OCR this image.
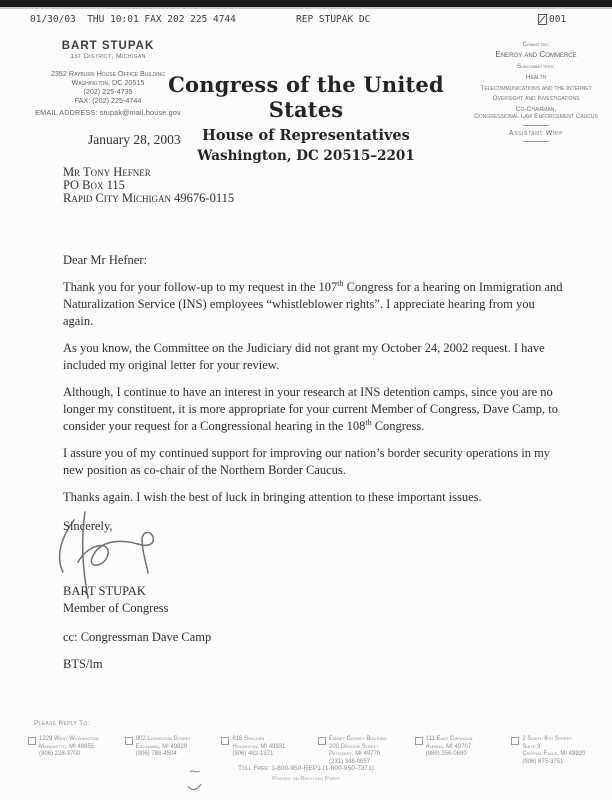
01/30/03  THU 10:01 FAX 202 225 4744	REP STUPAK DC	001
BART STUPAK
1st District, Michigan
2352 Rayburn House Office Building
Washington, DC 20515
(202) 225-4735
FAX: (202) 225-4744
EMAIL ADDRESS: stupak@mail.house.gov
Congress of the United States
House of Representatives
Washington, DC 20515–2201
Committee:
Energy and Commerce
Subcommittees:
Health
Telecommunications and the Internet
Oversight and Investigations
Co-Chairman,
Congressional Law Enforcement Caucus
Assistant Whip
January 28, 2003
Mr Tony Hefner
PO Box 115
Rapid City Michigan 49676-0115

Dear Mr Hefner:

Thank you for your follow-up to my request in the 107th Congress for a hearing on Immigration and Naturalization Service (INS) employees “whistleblower rights”. I appreciate hearing from you again.

As you know, the Committee on the Judiciary did not grant my October 24, 2002 request. I have included my original letter for your review.

Although, I continue to have an interest in your research at INS detention camps, since you are no longer my constituent, it is more appropriate for your current Member of Congress, Dave Camp, to consider your request for a Congressional hearing in the 108th Congress.

I assure you of my continued support for improving our nation’s border security operations in my new position as co-chair of the Northern Border Caucus.

Thanks again. I wish the best of luck in bringing attention to these important issues.

Sincerely,

BART STUPAK
Member of Congress

cc: Congressman Dave Camp

BTS/lm

Please Reply To:
1229 West Washington
Marquette, MI 49855
(906) 228-3700
902 Ludington Street
Escanaba, MI 49829
(906) 786-4504
616 Shelden
Houghton, MI 49931
(906) 482-1371
Emmet County Building
200 Division Street
Petoskey, MI 49770
(231) 348-0657
111 East Chisholm
Alpena, MI 49707
(989) 356-0690
2 South 6th Street
Suite 3
Crystal Falls, MI 49920
(906) 875-3751
Toll Free: 1-800-950-REP1 (1-800-950-7371)
Printed on Recycled Paper
